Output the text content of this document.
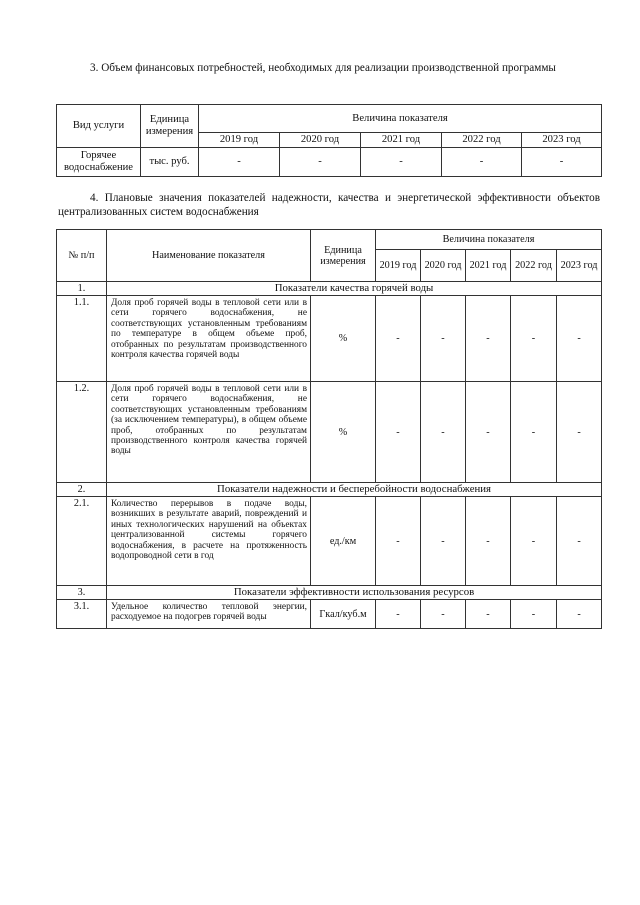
3. Объем финансовых потребностей, необходимых для реализации производственной программы

Вид услуги	Единица измерения	Величина показателя				
		2019 год	2020 год	2021 год	2022 год	2023 год
Горячее водоснабжение	тыс. руб.	-	-	-	-	-

4. Плановые значения показателей надежности, качества и энергетической эффективности объектов централизованных систем водоснабжения

№ п/п	Наименование показателя	Единица измерения	Величина показателя				
			2019 год	2020 год	2021 год	2022 год	2023 год
1.	Показатели качества горячей воды						
1.1.	Доля проб горячей воды в тепловой сети или в сети горячего водоснабжения, не соответствующих установленным требованиям по температуре в общем объеме проб, отобранных по результатам производственного контроля качества горячей воды	%	-	-	-	-	-
1.2.	Доля проб горячей воды в тепловой сети или в сети горячего водоснабжения, не соответствующих установленным требованиям (за исключением температуры), в общем объеме проб, отобранных по результатам производственного контроля качества горячей воды	%	-	-	-	-	-
2.	Показатели надежности и бесперебойности водоснабжения						
2.1.	Количество перерывов в подаче воды, возникших в результате аварий, повреждений и иных технологических нарушений на объектах централизованной системы горячего водоснабжения, в расчете на протяженность водопроводной сети в год	ед./км	-	-	-	-	-
3.	Показатели эффективности использования ресурсов						
3.1.	Удельное количество тепловой энергии, расходуемое на подогрев горячей воды	Гкал/куб.м	-	-	-	-	-
